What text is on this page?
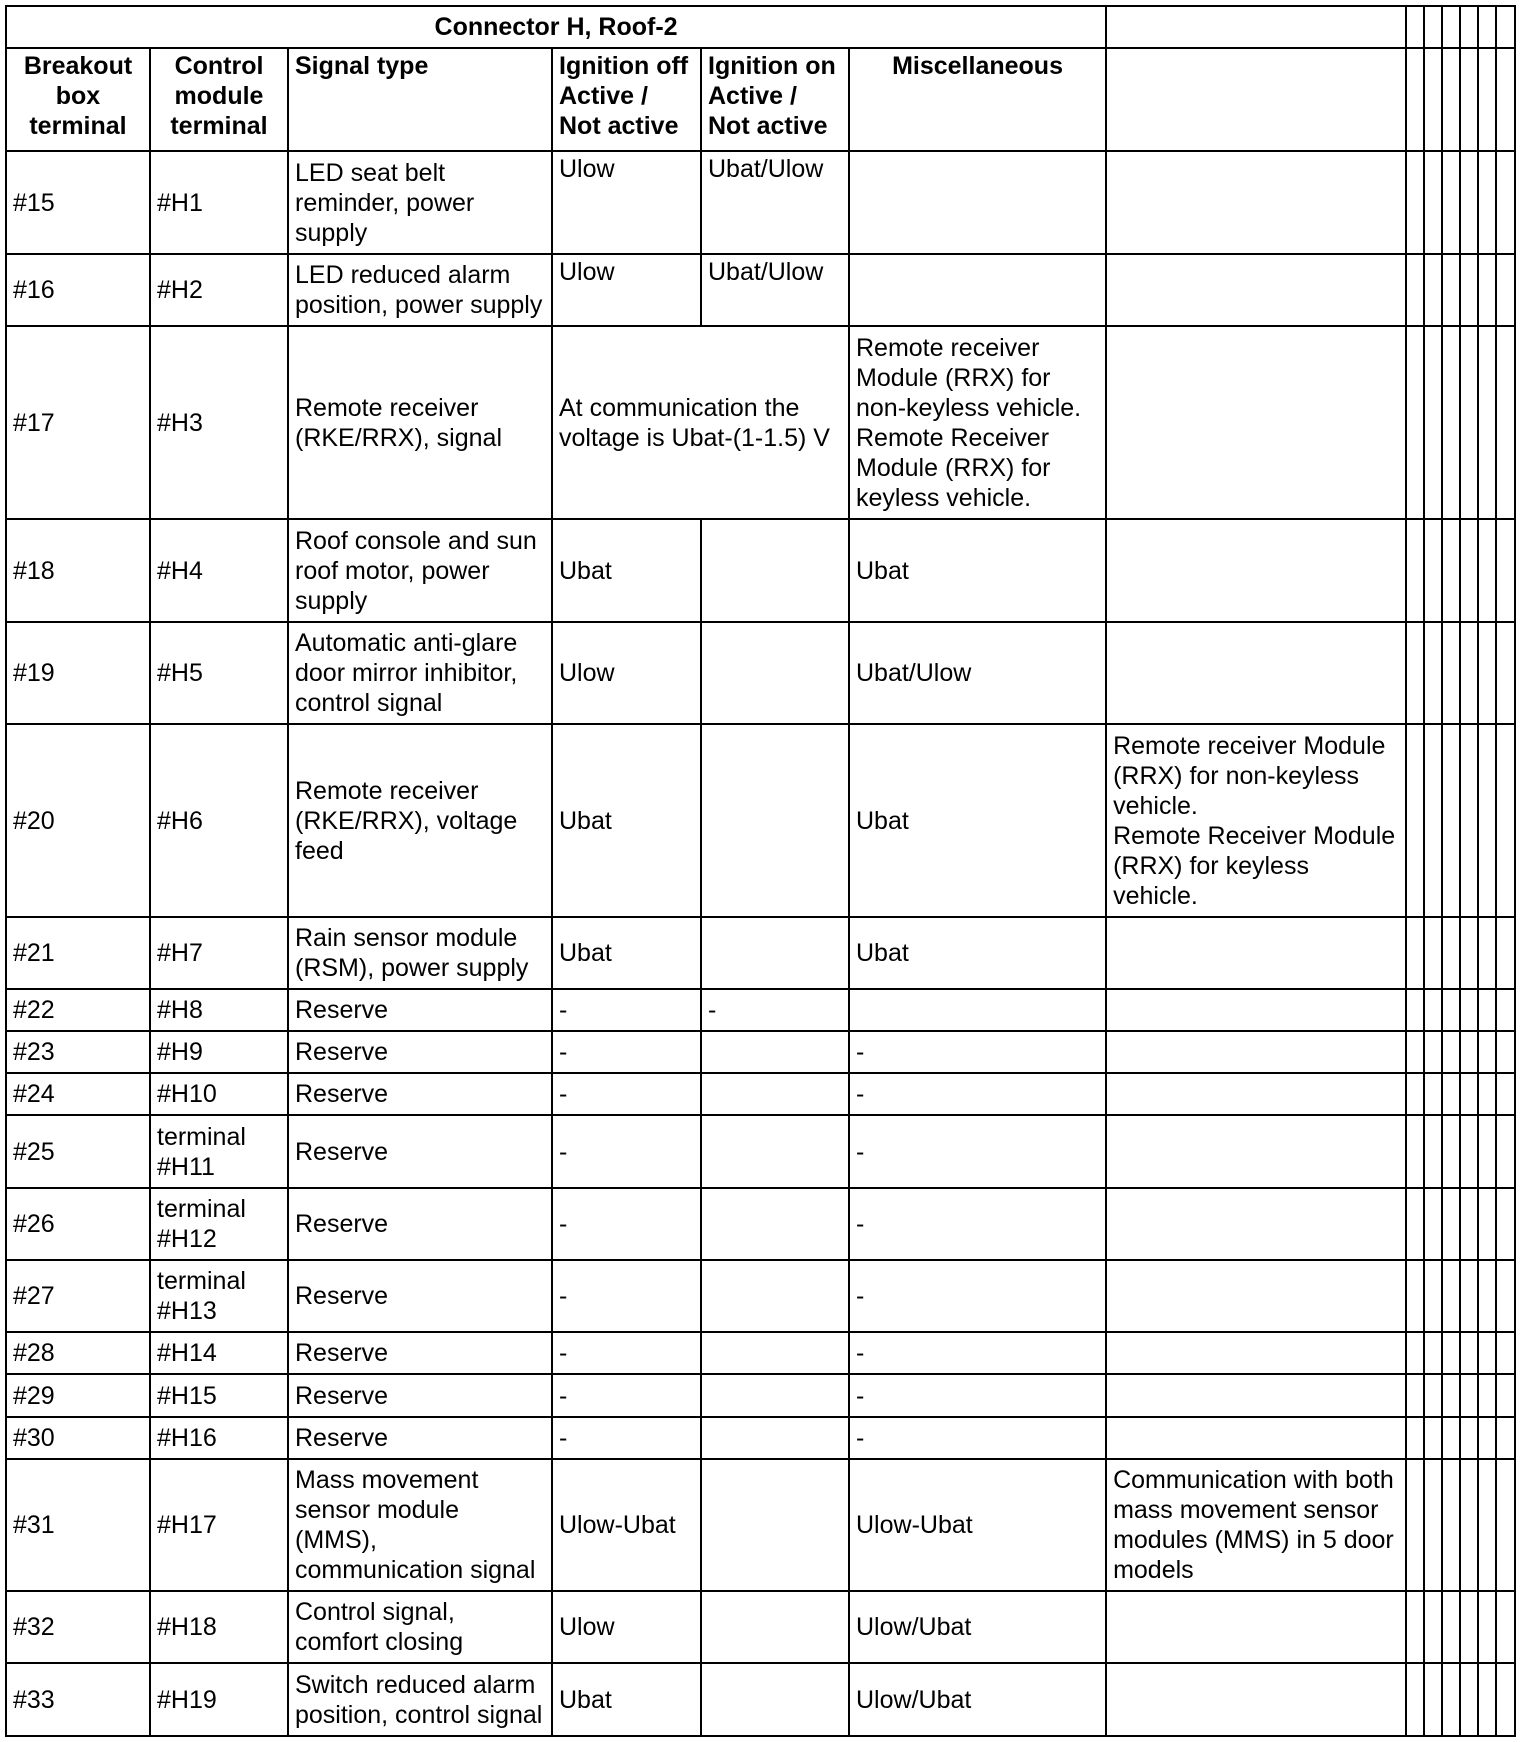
Connector H, Roof-2												
Breakout box terminal	Control module terminal	Signal type	Ignition off Active / Not active	Ignition on Active / Not active	Miscellaneous							
#15	#H1	LED seat belt reminder, power supply	Ulow	Ubat/Ulow								
#16	#H2	LED reduced alarm position, power supply	Ulow	Ubat/Ulow								
#17	#H3	Remote receiver (RKE/RRX), signal	At communication the voltage is Ubat-(1-1.5) V		Remote receiver Module (RRX) for non-keyless vehicle.
Remote Receiver Module (RRX) for keyless vehicle.							
#18	#H4	Roof console and sun roof motor, power supply	Ubat		Ubat							
#19	#H5	Automatic anti-glare door mirror inhibitor, control signal	Ulow		Ubat/Ulow							
#20	#H6	Remote receiver (RKE/RRX), voltage feed	Ubat		Ubat	Remote receiver Module (RRX) for non-keyless vehicle.
Remote Receiver Module (RRX) for keyless vehicle.						
#21	#H7	Rain sensor module (RSM), power supply	Ubat		Ubat							
#22	#H8	Reserve	-	-								
#23	#H9	Reserve	-		-							
#24	#H10	Reserve	-		-							
#25	terminal #H11	Reserve	-		-							
#26	terminal #H12	Reserve	-		-							
#27	terminal #H13	Reserve	-		-							
#28	#H14	Reserve	-		-							
#29	#H15	Reserve	-		-							
#30	#H16	Reserve	-		-							
#31	#H17	Mass movement sensor module (MMS), communication signal	Ulow-Ubat		Ulow-Ubat	Communication with both mass movement sensor modules (MMS) in 5 door models						
#32	#H18	Control signal, comfort closing	Ulow		Ulow/Ubat							
#33	#H19	Switch reduced alarm position, control signal	Ubat		Ulow/Ubat							
